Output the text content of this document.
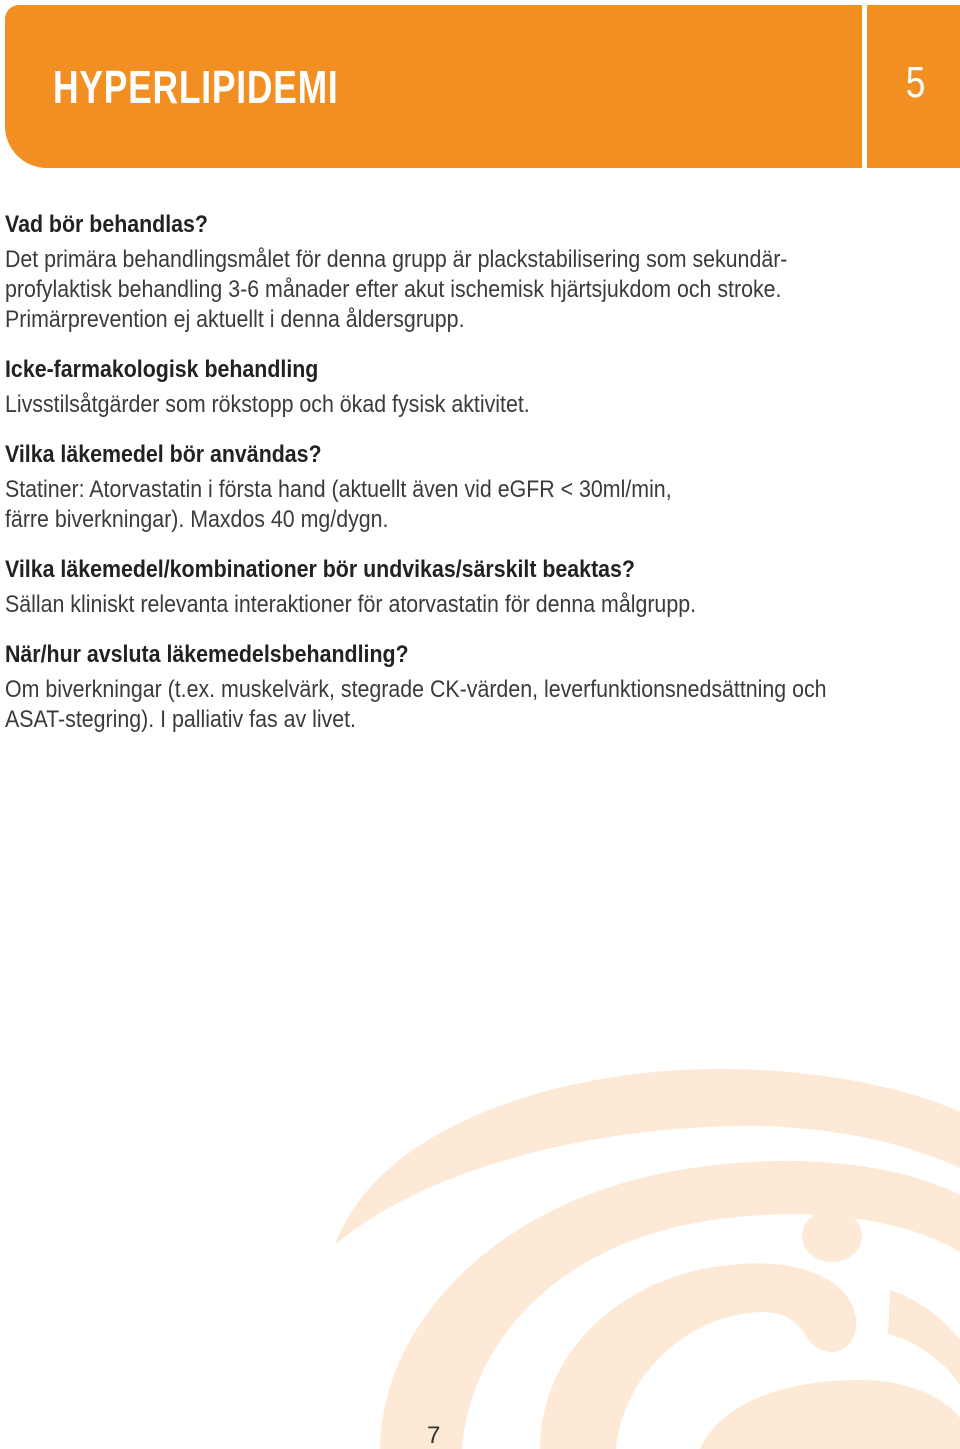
HYPERLIPIDEMI	5
Vad bör behandlas?
Det primära behandlingsmålet för denna grupp är plackstabilisering som sekundär-
profylaktisk behandling 3-6 månader efter akut ischemisk hjärtsjukdom och stroke.
Primärprevention ej aktuellt i denna åldersgrupp.
Icke-farmakologisk behandling
Livsstilsåtgärder som rökstopp och ökad fysisk aktivitet.
Vilka läkemedel bör användas?
Statiner: Atorvastatin i första hand (aktuellt även vid eGFR < 30ml/min,
färre biverkningar). Maxdos 40 mg/dygn.
Vilka läkemedel/kombinationer bör undvikas/särskilt beaktas?
Sällan kliniskt relevanta interaktioner för atorvastatin för denna målgrupp.
När/hur avsluta läkemedelsbehandling?
Om biverkningar (t.ex. muskelvärk, stegrade CK-värden, leverfunktionsnedsättning och
ASAT-stegring). I palliativ fas av livet.
7
